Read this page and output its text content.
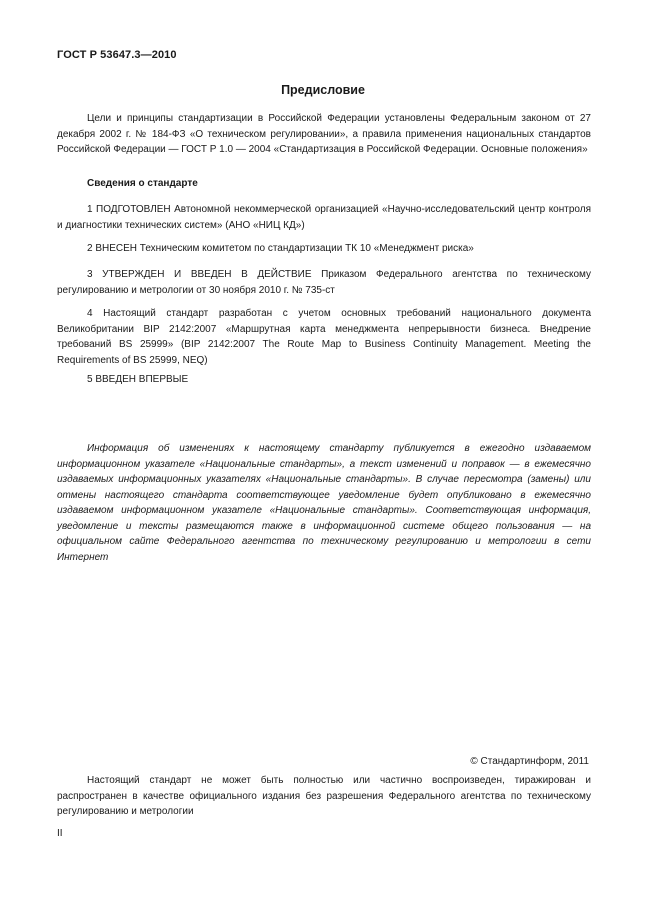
ГОСТ Р 53647.3—2010
Предисловие

Цели и принципы стандартизации в Российской Федерации установлены Федеральным законом от 27 декабря 2002 г. № 184-ФЗ «О техническом регулировании», а правила применения национальных стандартов Российской Федерации — ГОСТ Р 1.0 — 2004 «Стандартизация в Российской Федерации. Основные положения»

Сведения о стандарте

1 ПОДГОТОВЛЕН Автономной некоммерческой организацией «Научно-исследовательский центр контроля и диагностики технических систем» (АНО «НИЦ КД»)

2 ВНЕСЕН Техническим комитетом по стандартизации ТК 10 «Менеджмент риска»

3 УТВЕРЖДЕН И ВВЕДЕН В ДЕЙСТВИЕ Приказом Федерального агентства по техническому регулированию и метрологии от 30 ноября 2010 г. № 735-ст

4 Настоящий стандарт разработан с учетом основных требований национального документа Великобритании BIP 2142:2007 «Маршрутная карта менеджмента непрерывности бизнеса. Внедрение требований BS 25999» (BIP 2142:2007 The Route Map to Business Continuity Management. Meeting the Requirements of BS 25999, NEQ)

5 ВВЕДЕН ВПЕРВЫЕ

Информация об изменениях к настоящему стандарту публикуется в ежегодно издаваемом информационном указателе «Национальные стандарты», а текст изменений и поправок — в ежемесячно издаваемых информационных указателях «Национальные стандарты». В случае пересмотра (замены) или отмены настоящего стандарта соответствующее уведомление будет опубликовано в ежемесячно издаваемом информационном указателе «Национальные стандарты». Соответствующая информация, уведомление и тексты размещаются также в информационной системе общего пользования — на официальном сайте Федерального агентства по техническому регулированию и метрологии в сети Интернет

© Стандартинформ, 2011

Настоящий стандарт не может быть полностью или частично воспроизведен, тиражирован и распространен в качестве официального издания без разрешения Федерального агентства по техническому регулированию и метрологии

II
